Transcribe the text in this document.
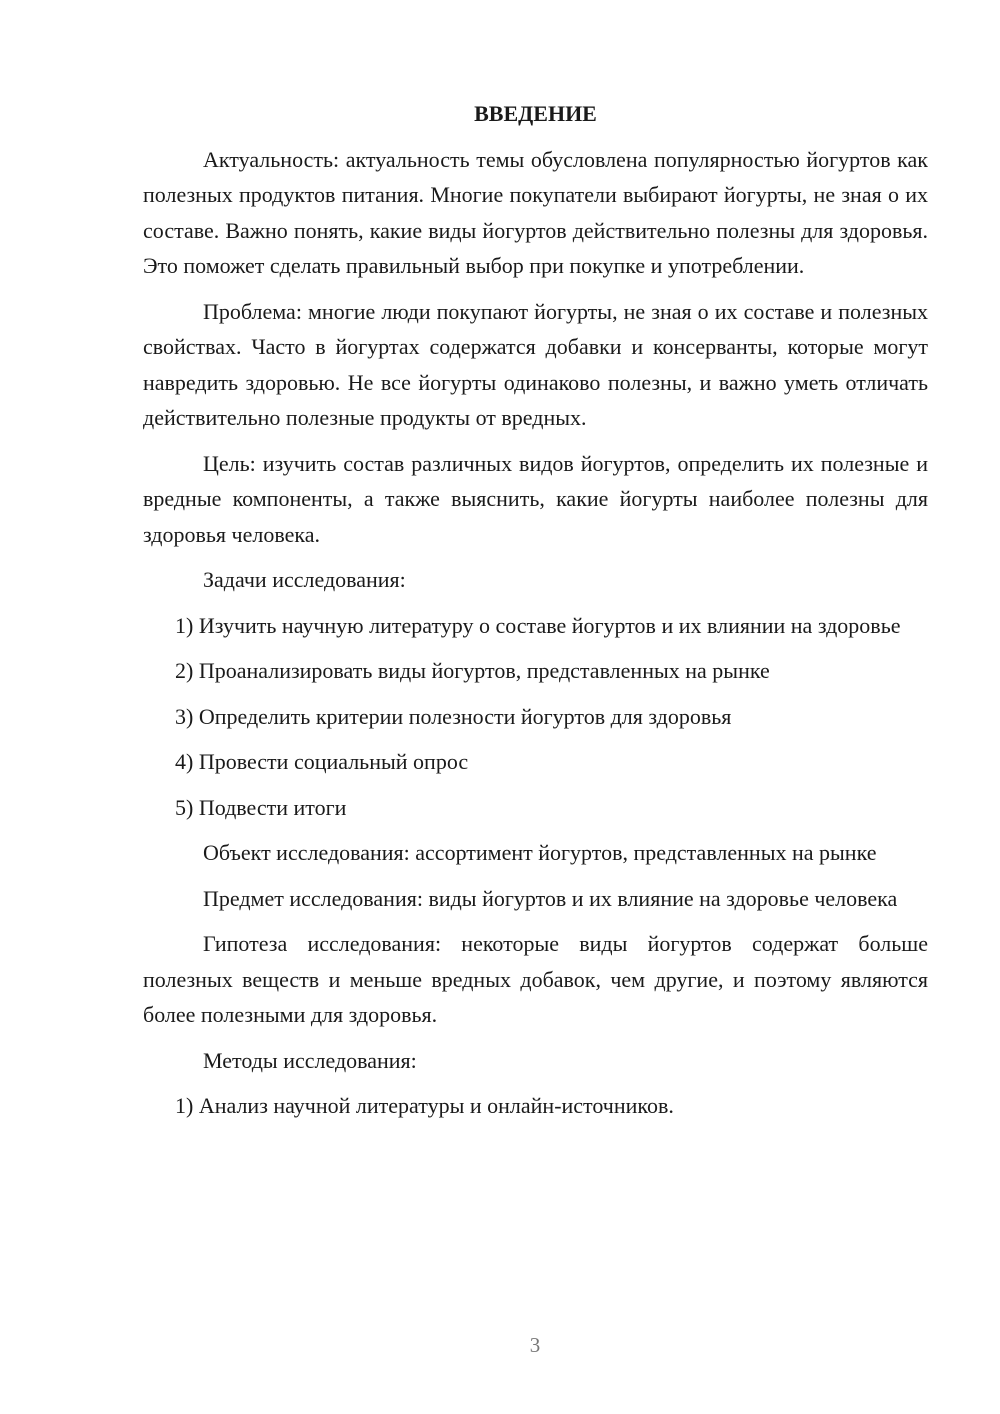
ВВЕДЕНИЕ

Актуальность: актуальность темы обусловлена популярностью йогуртов как полезных продуктов питания. Многие покупатели выбирают йогурты, не зная о их составе. Важно понять, какие виды йогуртов действительно полезны для здоровья. Это поможет сделать правильный выбор при покупке и употреблении.

Проблема: многие люди покупают йогурты, не зная о их составе и полезных свойствах. Часто в йогуртах содержатся добавки и консерванты, которые могут навредить здоровью. Не все йогурты одинаково полезны, и важно уметь отличать действительно полезные продукты от вредных.

Цель: изучить состав различных видов йогуртов, определить их полезные и вредные компоненты, а также выяснить, какие йогурты наиболее полезны для здоровья человека.

Задачи исследования:

1) Изучить научную литературу о составе йогуртов и их влиянии на здоровье

2) Проанализировать виды йогуртов, представленных на рынке

3) Определить критерии полезности йогуртов для здоровья

4) Провести социальный опрос

5) Подвести итоги

Объект исследования: ассортимент йогуртов, представленных на рынке

Предмет исследования: виды йогуртов и их влияние на здоровье человека

Гипотеза исследования: некоторые виды йогуртов содержат больше полезных веществ и меньше вредных добавок, чем другие, и поэтому являются более полезными для здоровья.

Методы исследования:

1) Анализ научной литературы и онлайн-источников.

3
